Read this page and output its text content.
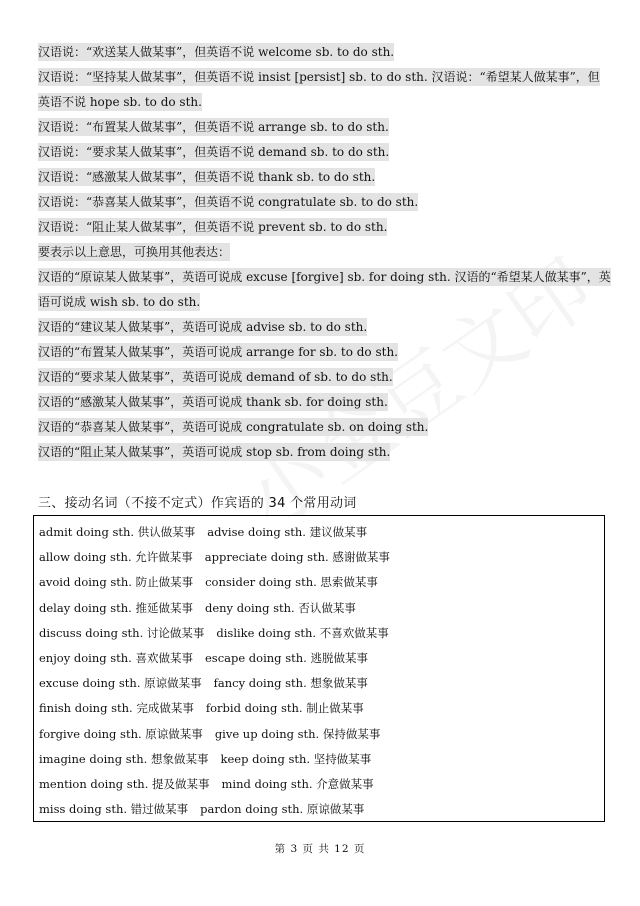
汉语说：“欢送某人做某事”，但英语不说 welcome sb. to do sth.
汉语说：“坚持某人做某事”，但英语不说 insist [persist] sb. to do sth. 汉语说：“希望某人做某事”，但
英语不说 hope sb. to do sth.
汉语说：“布置某人做某事”，但英语不说 arrange sb. to do sth.
汉语说：“要求某人做某事”，但英语不说 demand sb. to do sth.
汉语说：“感激某人做某事”，但英语不说 thank sb. to do sth.
汉语说：“恭喜某人做某事”，但英语不说 congratulate sb. to do sth.
汉语说：“阻止某人做某事”，但英语不说 prevent sb. to do sth.
要表示以上意思，可换用其他表达：
汉语的“原谅某人做某事”，英语可说成 excuse [forgive] sb. for doing sth. 汉语的“希望某人做某事”，英
语可说成 wish sb. to do sth.
汉语的“建议某人做某事”，英语可说成 advise sb. to do sth.
汉语的“布置某人做某事”，英语可说成 arrange for sb. to do sth.
汉语的“要求某人做某事”，英语可说成 demand of sb. to do sth.
汉语的“感激某人做某事”，英语可说成 thank sb. for doing sth.
汉语的“恭喜某人做某事”，英语可说成 congratulate sb. on doing sth.
汉语的“阻止某人做某事”，英语可说成 stop sb. from doing sth.
三、接动名词（不接不定式）作宾语的 34 个常用动词
admit doing sth. 供认做某事 advise doing sth. 建议做某事
allow doing sth. 允许做某事 appreciate doing sth. 感谢做某事
avoid doing sth. 防止做某事 consider doing sth. 思索做某事
delay doing sth. 推延做某事 deny doing sth. 否认做某事
discuss doing sth. 讨论做某事 dislike doing sth. 不喜欢做某事
enjoy doing sth. 喜欢做某事 escape doing sth. 逃脱做某事
excuse doing sth. 原谅做某事 fancy doing sth. 想象做某事
finish doing sth. 完成做某事 forbid doing sth. 制止做某事
forgive doing sth. 原谅做某事 give up doing sth. 保持做某事
imagine doing sth. 想象做某事 keep doing sth. 坚持做某事
mention doing sth. 提及做某事 mind doing sth. 介意做某事
miss doing sth. 错过做某事 pardon doing sth. 原谅做某事
第 3 页 共 12 页
